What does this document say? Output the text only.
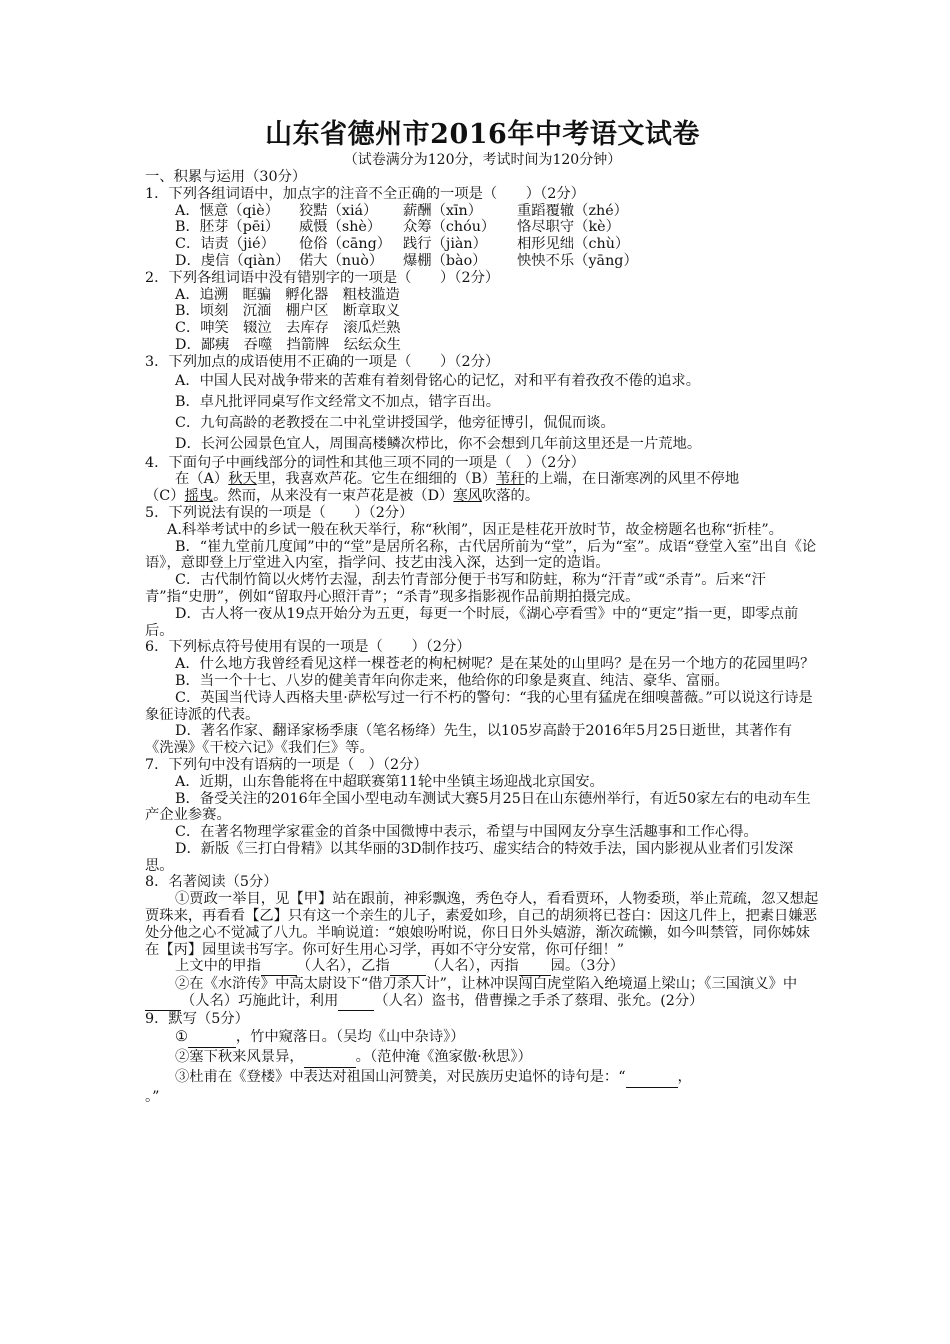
山东省德州市2016年中考语文试卷

（试卷满分为120分，考试时间为120分钟）

一、积累与运用（30分）

1．下列各组词语中，加点字的注音不全正确的一项是（　　）（2分）

A．惬意（qiè）	狡黠（xiá）	薪酬（xīn）	重蹈覆辙（zhé）
B．胚芽（pēi）	威慑（shè）	众筹（chóu）	恪尽职守（kè）
C．诘责（jié）	伧俗（cāng） 践行（jiàn）	相形见绌（chù）
D．虔信（qiàn） 偌大（nuò）	爆棚（bào）	怏怏不乐（yāng）

2．下列各组词语中没有错别字的一项是（　　）（2分）

A．追溯　眶骗　孵化器　粗枝滥造

B．顷刻　沉湎　棚户区　断章取义

C．呻笑　辍泣　去库存　滚瓜烂熟

D．鄙痍　吞噬　挡箭牌　纭纭众生

3．下列加点的成语使用不正确的一项是（　　）（2分）

A．中国人民对战争带来的苦难有着刻骨铭心的记忆，对和平有着孜孜不倦的追求。

B．卓凡批评同桌写作文经常文不加点，错字百出。

C．九旬高龄的老教授在二中礼堂讲授国学，他旁征博引，侃侃而谈。

D．长河公园景色宜人，周围高楼鳞次栉比，你不会想到几年前这里还是一片荒地。

4．下面句子中画线部分的词性和其他三项不同的一项是（　）（2分）

在（A）秋天里，我喜欢芦花。它生在细细的（B）苇秆的上端，在日渐寒冽的风里不停地

（C）摇曳。然而，从来没有一束芦花是被（D）寒风吹落的。

5．下列说法有误的一项是（　　）（2分）

A.科举考试中的乡试一般在秋天举行，称“秋闱”，因正是桂花开放时节，故金榜题名也称“折桂”。

B．“崔九堂前几度闻”中的“堂”是居所名称，古代居所前为“堂”，后为“室”。成语“登堂入室”出自《论语》，意即登上厅堂进入内室，指学问、技艺由浅入深，达到一定的造诣。

C．古代制竹简以火烤竹去湿，刮去竹青部分便于书写和防蛀，称为“汗青”或“杀青”。后来“汗青”指“史册”，例如“留取丹心照汗青”；“杀青”现多指影视作品前期拍摄完成。

D．古人将一夜从19点开始分为五更，每更一个时辰，《湖心亭看雪》中的“更定”指一更，即零点前后。

6．下列标点符号使用有误的一项是（　　）（2分）

A．什么地方我曾经看见这样一棵苍老的枸杞树呢？是在某处的山里吗？是在另一个地方的花园里吗？

B．当一个十七、八岁的健美青年向你走来，他给你的印象是爽直、纯洁、豪华、富丽。

C．英国当代诗人西格夫里·萨松写过一行不朽的警句：“我的心里有猛虎在细嗅蔷薇。”可以说这行诗是象征诗派的代表。

D．著名作家、翻译家杨季康（笔名杨绛）先生，以105岁高龄于2016年5月25日逝世，其著作有《洗澡》《干校六记》《我们仨》等。

7．下列句中没有语病的一项是（　）（2分）

A．近期，山东鲁能将在中超联赛第11轮中坐镇主场迎战北京国安。

B．备受关注的2016年全国小型电动车测试大赛5月25日在山东德州举行，有近50家左右的电动车生产企业参赛。

C．在著名物理学家霍金的首条中国微博中表示，希望与中国网友分享生活趣事和工作心得。

D．新版《三打白骨精》以其华丽的3D制作技巧、虚实结合的特效手法，国内影视从业者们引发深思。

8．名著阅读（5分）

①贾政一举目，见【甲】站在跟前，神彩飘逸，秀色夺人，看看贾环，人物委琐，举止荒疏，忽又想起贾珠来，再看看【乙】只有这一个亲生的儿子，素爱如珍，自己的胡须将已苍白：因这几件上，把素日嫌恶处分他之心不觉减了八九。半晌说道：“娘娘吩咐说，你日日外头嬉游，渐次疏懒，如今叫禁管，同你姊妹在【丙】园里读书写字。你可好生用心习学，再如不守分安常，你可仔细！”

上文中的甲指	（人名），乙指	（人名），丙指 园。（3分）

②在《水浒传》中高太尉设下“借刀杀人计”，让林冲误闯白虎堂陷入绝境逼上梁山；《三国演义》中 （人名）巧施此计，利用	（人名）盗书，借曹操之手杀了蔡瑁、张允。(2分）

9．默写（5分）

①	，竹中窥落日。（吴均《山中杂诗》）

②塞下秋来风景异，	。（范仲淹《渔家傲·秋思》）

③杜甫在《登楼》中表达对祖国山河赞美，对民族历史追怀的诗句是：“	，

。”
